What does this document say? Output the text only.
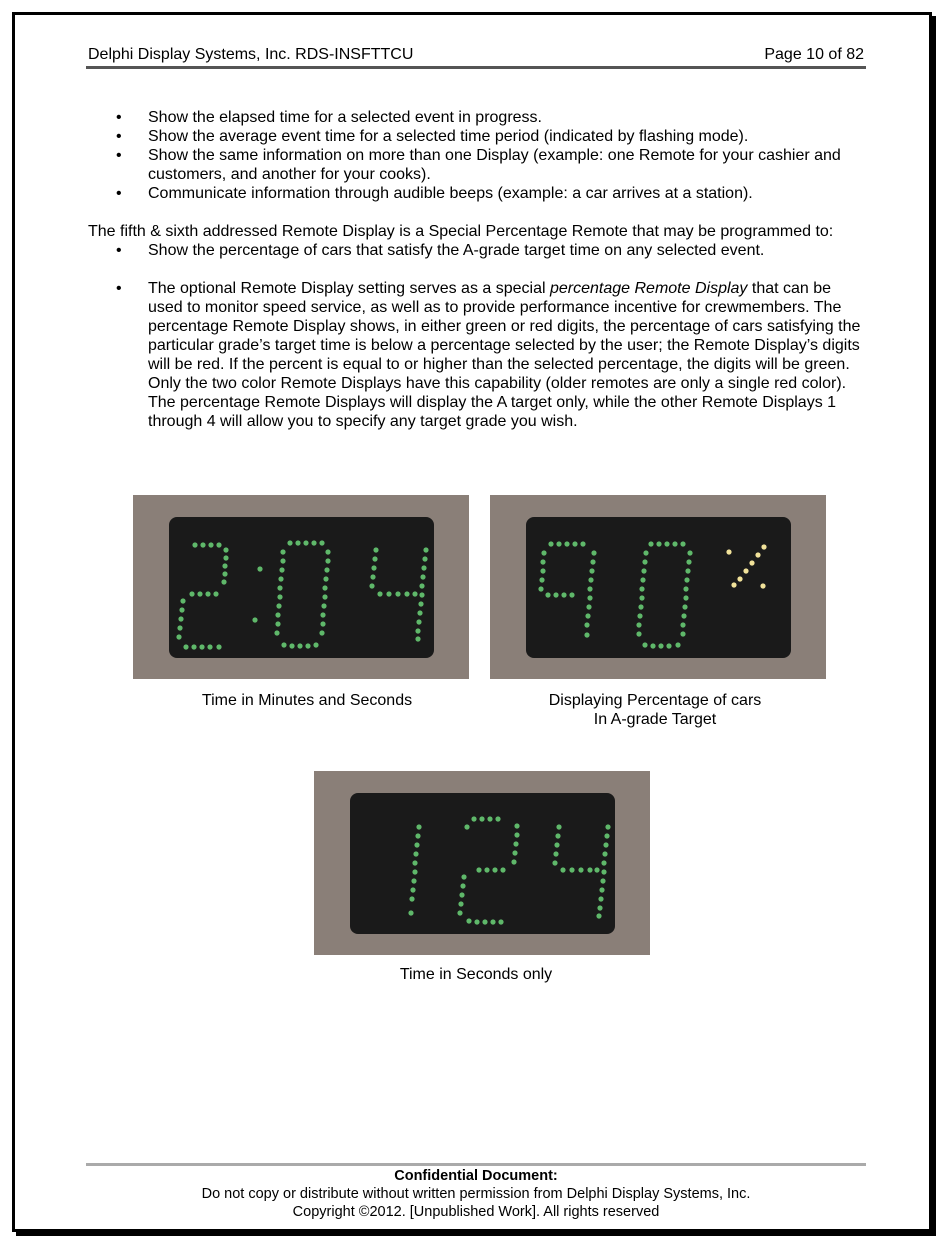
Delphi Display Systems, Inc. RDS-INSFTTCU	Page 10 of 82
• Show the elapsed time for a selected event in progress.
• Show the average event time for a selected time period (indicated by flashing mode).
• Show the same information on more than one Display (example: one Remote for your cashier and customers, and another for your cooks).
• Communicate information through audible beeps (example: a car arrives at a station).

The fifth & sixth addressed Remote Display is a Special Percentage Remote that may be programmed to:

• Show the percentage of cars that satisfy the A-grade target time on any selected event.
• The optional Remote Display setting serves as a special percentage Remote Display that can be used to monitor speed service, as well as to provide performance incentive for crewmembers. The percentage Remote Display shows, in either green or red digits, the percentage of cars satisfying the particular grade’s target time is below a percentage selected by the user; the Remote Display’s digits will be red. If the percent is equal to or higher than the selected percentage, the digits will be green. Only the two color Remote Displays have this capability (older remotes are only a single red color). The percentage Remote Displays will display the A target only, while the other Remote Displays 1 through 4 will allow you to specify any target grade you wish.
Time in Minutes and Seconds	Displaying Percentage of cars
In A-grade Target
Time in Seconds only
Confidential Document:
Do not copy or distribute without written permission from Delphi Display Systems, Inc.
Copyright ©2012. [Unpublished Work]. All rights reserved
